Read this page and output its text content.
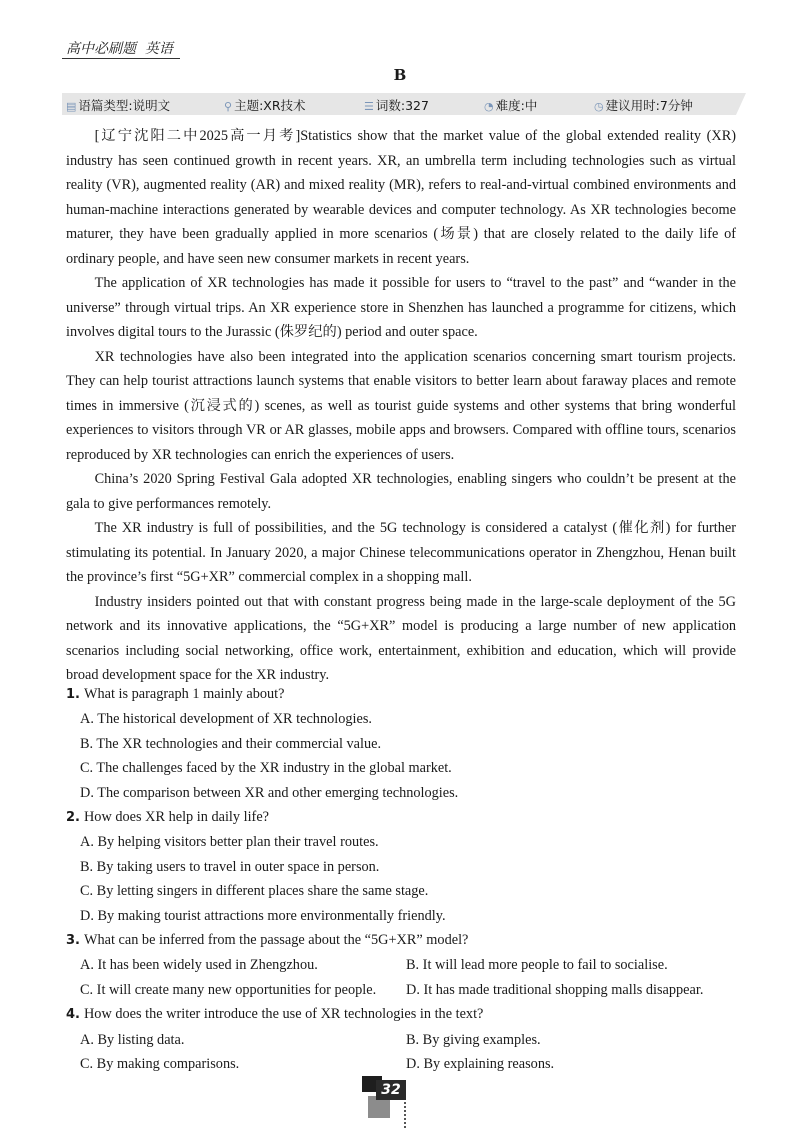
高中必刷题 英语
B
▤ 语篇类型:说明文	⚲ 主题:XR技术	☰ 词数:327	◔ 难度:中	◷ 建议用时:7分钟

[辽宁沈阳二中2025高一月考]Statistics show that the market value of the global extended reality (XR) industry has seen continued growth in recent years. XR, an umbrella term including technologies such as virtual reality (VR), augmented reality (AR) and mixed reality (MR), refers to real-and-virtual combined environments and human-machine interactions generated by wearable devices and computer technology. As XR technologies become maturer, they have been gradually applied in more scenarios (场景) that are closely related to the daily life of ordinary people, and have seen new consumer markets in recent years.

The application of XR technologies has made it possible for users to “travel to the past” and “wander in the universe” through virtual trips. An XR experience store in Shenzhen has launched a programme for citizens, which involves digital tours to the Jurassic (侏罗纪的) period and outer space.

XR technologies have also been integrated into the application scenarios concerning smart tourism projects. They can help tourist attractions launch systems that enable visitors to better learn about faraway places and remote times in immersive (沉浸式的) scenes, as well as tourist guide systems and other systems that bring wonderful experiences to visitors through VR or AR glasses, mobile apps and browsers. Compared with offline tours, scenarios reproduced by XR technologies can enrich the experiences of users.

China’s 2020 Spring Festival Gala adopted XR technologies, enabling singers who couldn’t be present at the gala to give performances remotely.

The XR industry is full of possibilities, and the 5G technology is considered a catalyst (催化剂) for further stimulating its potential. In January 2020, a major Chinese telecommunications operator in Zhengzhou, Henan built the province’s first “5G+XR” commercial complex in a shopping mall.

Industry insiders pointed out that with constant progress being made in the large-scale deployment of the 5G network and its innovative applications, the “5G+XR” model is producing a large number of new application scenarios including social networking, office work, entertainment, exhibition and education, which will provide broad development space for the XR industry.

1. What is paragraph 1 mainly about?
A. The historical development of XR technologies.
B. The XR technologies and their commercial value.
C. The challenges faced by the XR industry in the global market.
D. The comparison between XR and other emerging technologies.
2. How does XR help in daily life?
A. By helping visitors better plan their travel routes.
B. By taking users to travel in outer space in person.
C. By letting singers in different places share the same stage.
D. By making tourist attractions more environmentally friendly.
3. What can be inferred from the passage about the “5G+XR” model?
A. It has been widely used in Zhengzhou.	B. It will lead more people to fail to socialise.
C. It will create many new opportunities for people.	D. It has made traditional shopping malls disappear.
4. How does the writer introduce the use of XR technologies in the text?
A. By listing data.	B. By giving examples.
C. By making comparisons.	D. By explaining reasons.
32
